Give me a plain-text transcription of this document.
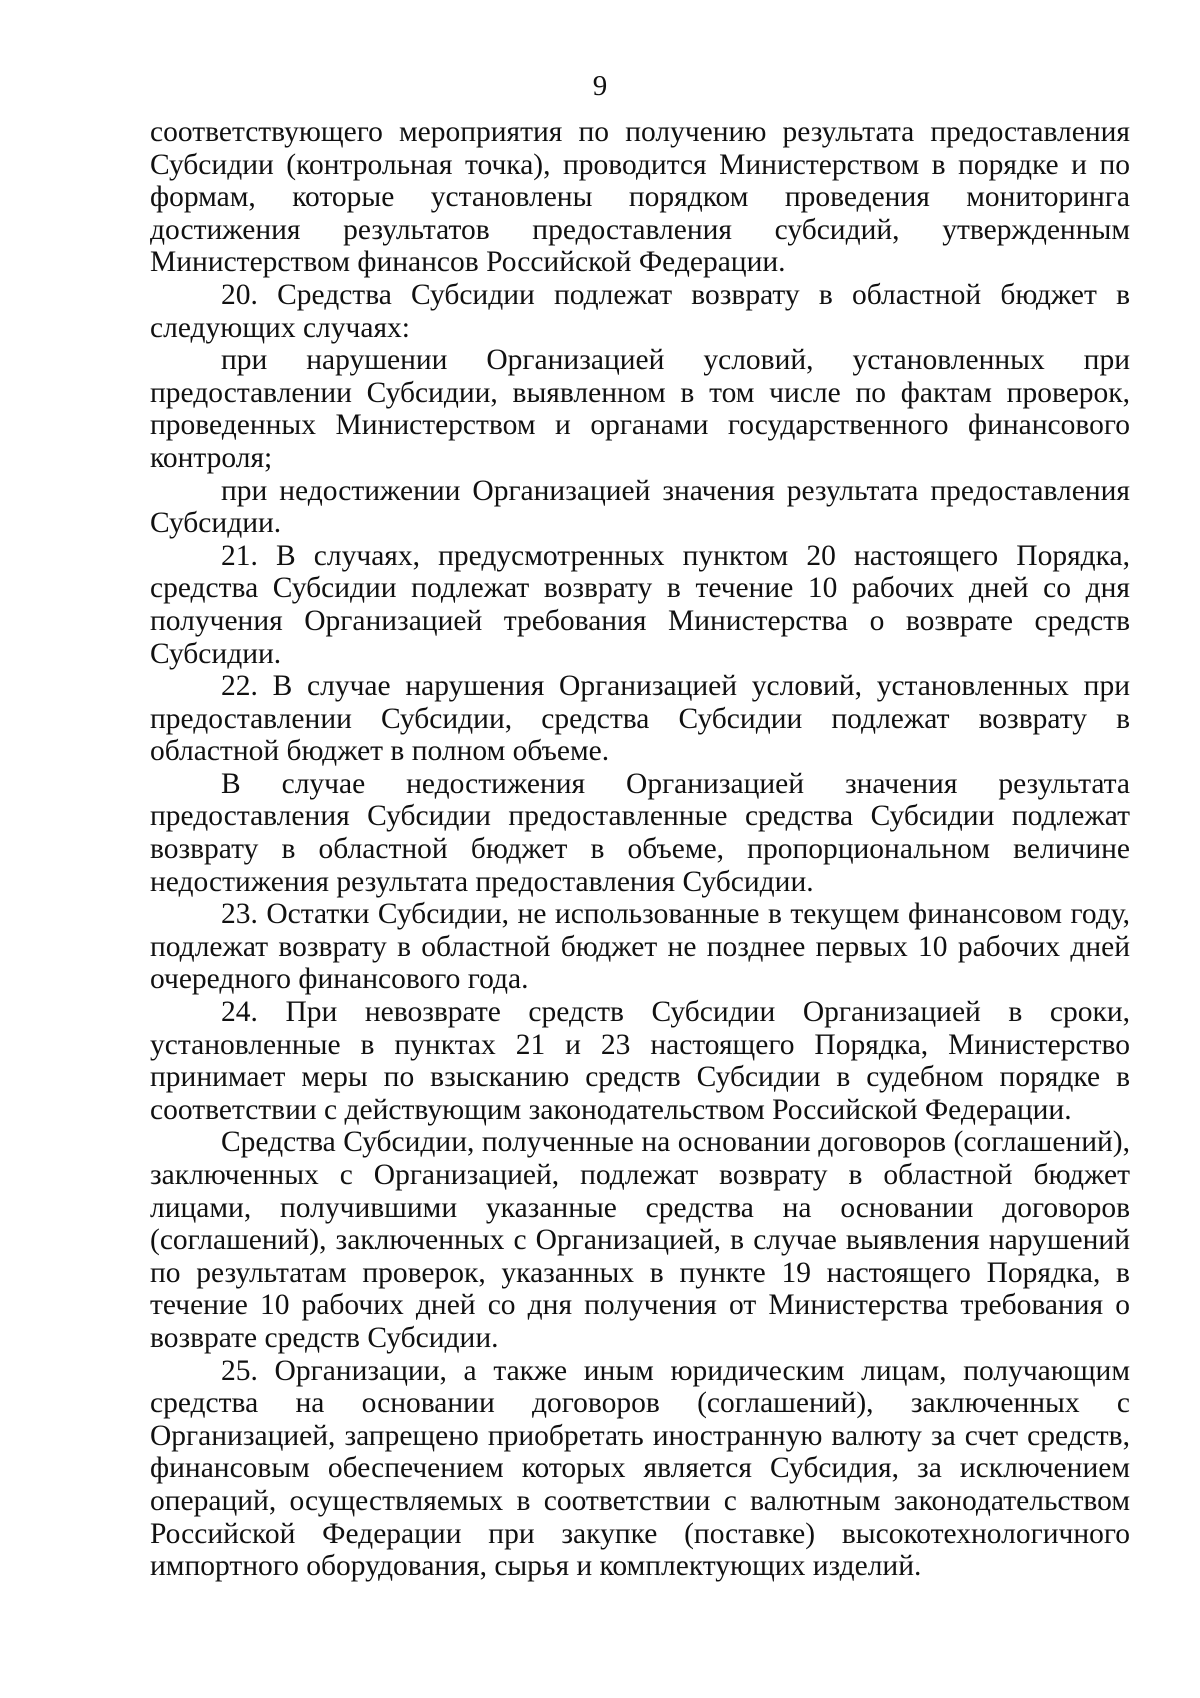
9

соответствующего мероприятия по получению результата предоставления Субсидии (контрольная точка), проводится Министерством в порядке и по формам, которые установлены порядком проведения мониторинга достижения результатов предоставления субсидий, утвержденным Министерством финансов Российской Федерации.

20. Средства Субсидии подлежат возврату в областной бюджет в следующих случаях:

при нарушении Организацией условий, установленных при предоставлении Субсидии, выявленном в том числе по фактам проверок, проведенных Министерством и органами государственного финансового контроля;

при недостижении Организацией значения результата предоставления Субсидии.

21. В случаях, предусмотренных пунктом 20 настоящего Порядка, средства Субсидии подлежат возврату в течение 10 рабочих дней со дня получения Организацией требования Министерства о возврате средств Субсидии.

22. В случае нарушения Организацией условий, установленных при предоставлении Субсидии, средства Субсидии подлежат возврату в областной бюджет в полном объеме.

В случае недостижения Организацией значения результата предоставления Субсидии предоставленные средства Субсидии подлежат возврату в областной бюджет в объеме, пропорциональном величине недостижения результата предоставления Субсидии.

23. Остатки Субсидии, не использованные в текущем финансовом году, подлежат возврату в областной бюджет не позднее первых 10 рабочих дней очередного финансового года.

24. При невозврате средств Субсидии Организацией в сроки, установленные в пунктах 21 и 23 настоящего Порядка, Министерство принимает меры по взысканию средств Субсидии в судебном порядке в соответствии с действующим законодательством Российской Федерации.

Средства Субсидии, полученные на основании договоров (соглашений), заключенных с Организацией, подлежат возврату в областной бюджет лицами, получившими указанные средства на основании договоров (соглашений), заключенных с Организацией, в случае выявления нарушений по результатам проверок, указанных в пункте 19 настоящего Порядка, в течение 10 рабочих дней со дня получения от Министерства требования о возврате средств Субсидии.

25. Организации, а также иным юридическим лицам, получающим средства на основании договоров (соглашений), заключенных с Организацией, запрещено приобретать иностранную валюту за счет средств, финансовым обеспечением которых является Субсидия, за исключением операций, осуществляемых в соответствии с валютным законодательством Российской Федерации при закупке (поставке) высокотехнологичного импортного оборудования, сырья и комплектующих изделий.
